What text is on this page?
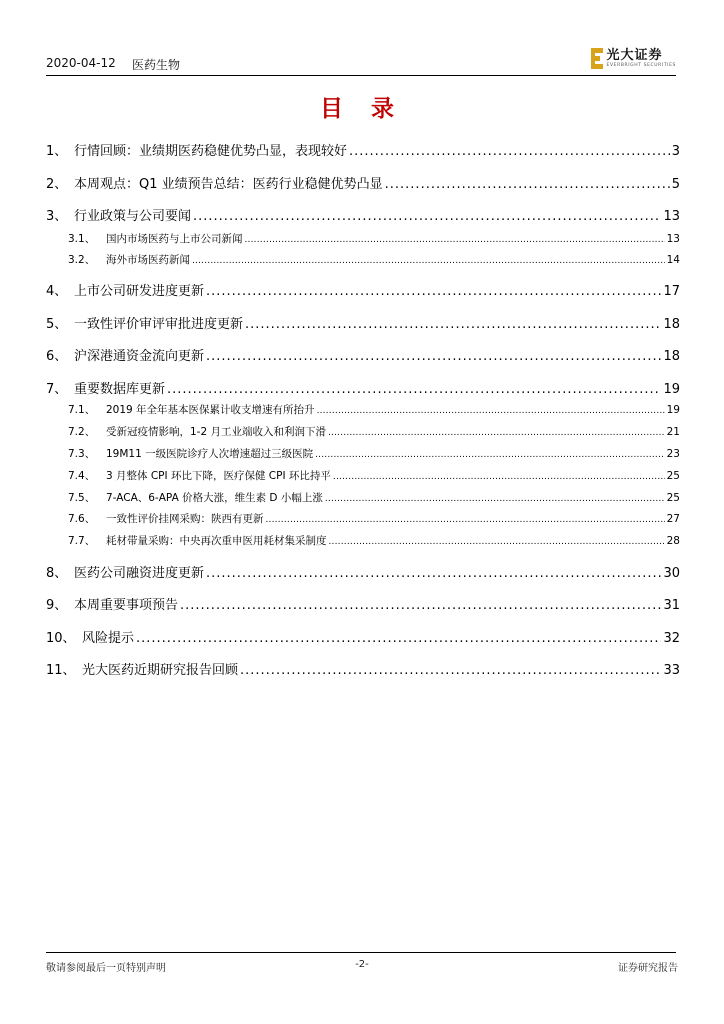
2020-04-12 医药生物
光大证券
EVERBRIGHT SECURITIES
目 录
1、 行情回顾：业绩期医药稳健优势凸显，表现较好 .....	3
2、 本周观点：Q1 业绩预告总结：医药行业稳健优势凸显 .....	5
3、 行业政策与公司要闻 .....	13
3.1、	国内市场医药与上市公司新闻 .....	13
3.2、	海外市场医药新闻 .....	14
4、 上市公司研发进度更新 .....	17
5、 一致性评价审评审批进度更新 .....	18
6、 沪深港通资金流向更新 .....	18
7、 重要数据库更新 .....	19
7.1、	2019 年全年基本医保累计收支增速有所抬升 .....	19
7.2、	受新冠疫情影响，1-2 月工业端收入和利润下滑 .....	21
7.3、	19M11 一级医院诊疗人次增速超过三级医院 .....	23
7.4、	3 月整体 CPI 环比下降，医疗保健 CPI 环比持平 .....	25
7.5、	7-ACA、6-APA 价格大涨，维生素 D 小幅上涨 .....	25
7.6、	一致性评价挂网采购：陕西有更新 .....	27
7.7、	耗材带量采购：中央再次重申医用耗材集采制度 .....	28
8、 医药公司融资进度更新 .....	30
9、 本周重要事项预告 .....	31
10、 风险提示 .....	32
11、 光大医药近期研究报告回顾 .....	33
敬请参阅最后一页特别声明	-2-	证券研究报告
